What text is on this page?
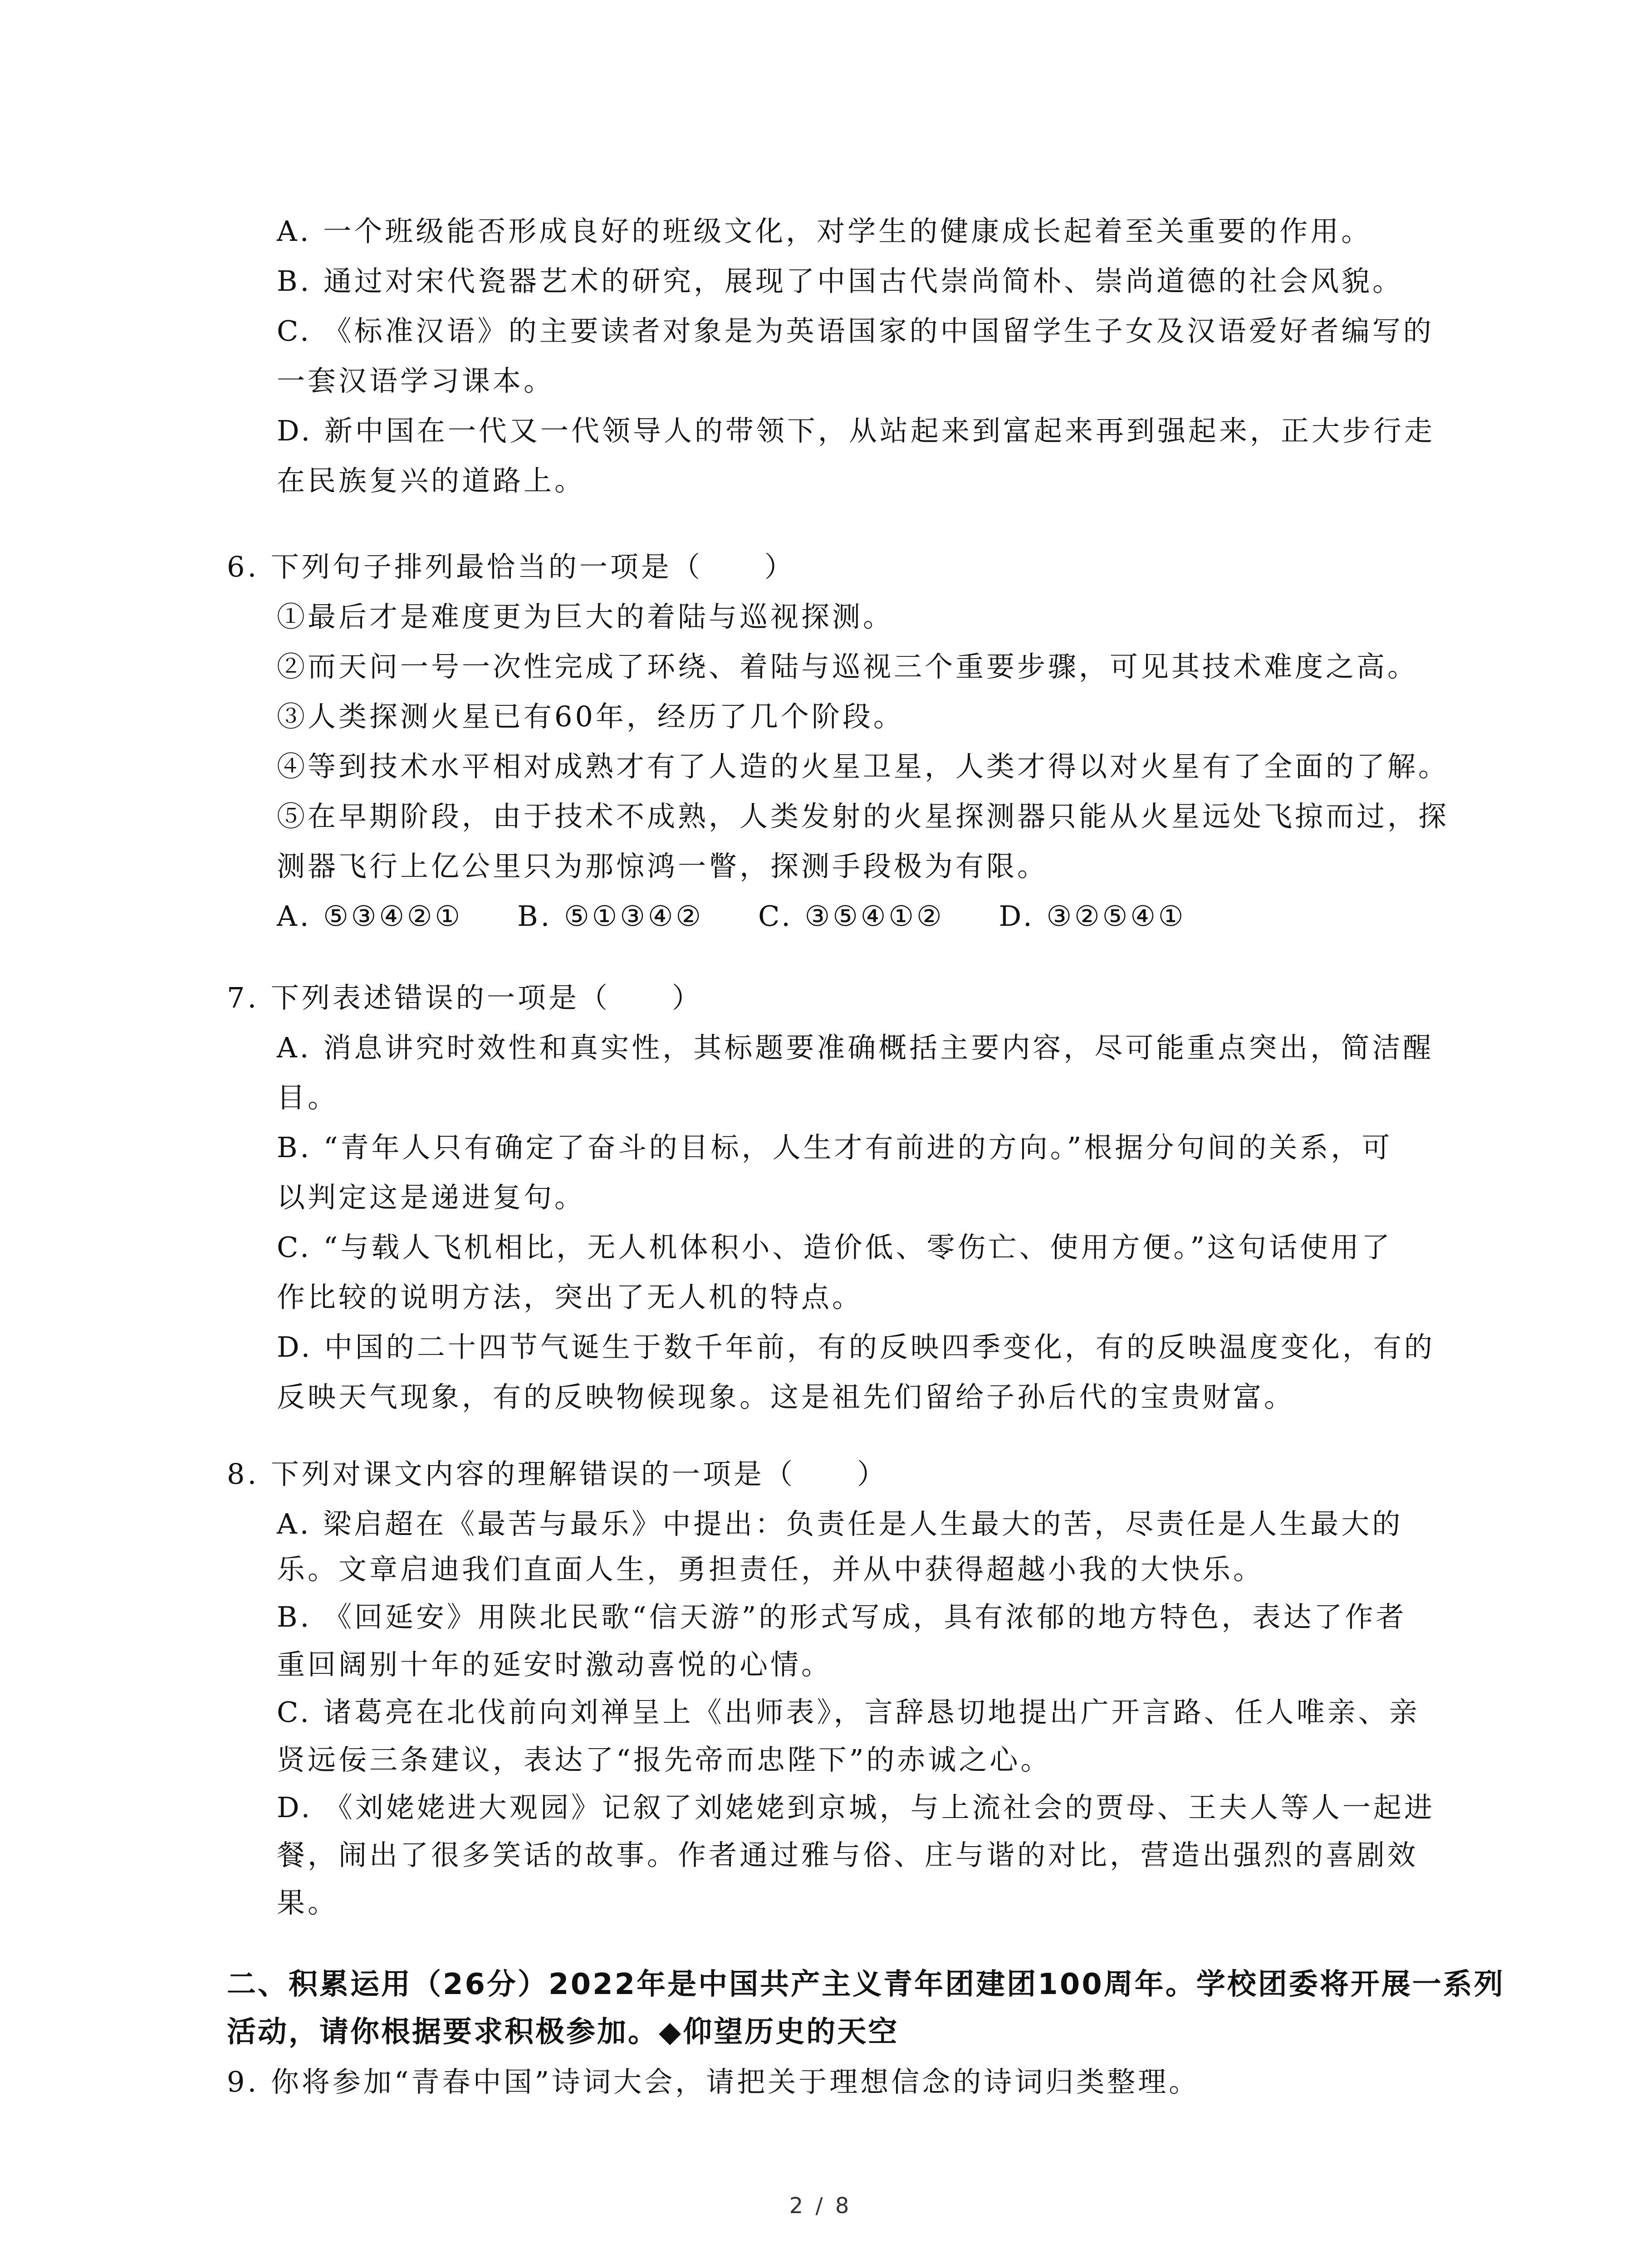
A. 一个班级能否形成良好的班级文化，对学生的健康成长起着至关重要的作用。
B. 通过对宋代瓷器艺术的研究，展现了中国古代崇尚简朴、崇尚道德的社会风貌。
C. 《标准汉语》的主要读者对象是为英语国家的中国留学生子女及汉语爱好者编写的
一套汉语学习课本。
D. 新中国在一代又一代领导人的带领下，从站起来到富起来再到强起来，正大步行走
在民族复兴的道路上。
6. 下列句子排列最恰当的一项是（　　）
①最后才是难度更为巨大的着陆与巡视探测。
②而天问一号一次性完成了环绕、着陆与巡视三个重要步骤，可见其技术难度之高。
③人类探测火星已有60年，经历了几个阶段。
④等到技术水平相对成熟才有了人造的火星卫星，人类才得以对火星有了全面的了解。
⑤在早期阶段，由于技术不成熟，人类发射的火星探测器只能从火星远处飞掠而过，探
测器飞行上亿公里只为那惊鸿一瞥，探测手段极为有限。
A. ⑤③④②① B. ⑤①③④② C. ③⑤④①② D. ③②⑤④①
7. 下列表述错误的一项是（　　）
A. 消息讲究时效性和真实性，其标题要准确概括主要内容，尽可能重点突出，简洁醒
目。
B. “青年人只有确定了奋斗的目标，人生才有前进的方向。”根据分句间的关系，可
以判定这是递进复句。
C. “与载人飞机相比，无人机体积小、造价低、零伤亡、使用方便。”这句话使用了
作比较的说明方法，突出了无人机的特点。
D. 中国的二十四节气诞生于数千年前，有的反映四季变化，有的反映温度变化，有的
反映天气现象，有的反映物候现象。这是祖先们留给子孙后代的宝贵财富。
8. 下列对课文内容的理解错误的一项是（　　）
A. 梁启超在《最苦与最乐》中提出：负责任是人生最大的苦，尽责任是人生最大的
乐。文章启迪我们直面人生，勇担责任，并从中获得超越小我的大快乐。
B. 《回延安》用陕北民歌“信天游”的形式写成，具有浓郁的地方特色，表达了作者
重回阔别十年的延安时激动喜悦的心情。
C. 诸葛亮在北伐前向刘禅呈上《出师表》，言辞恳切地提出广开言路、任人唯亲、亲
贤远佞三条建议，表达了“报先帝而忠陛下”的赤诚之心。
D. 《刘姥姥进大观园》记叙了刘姥姥到京城，与上流社会的贾母、王夫人等人一起进
餐，闹出了很多笑话的故事。作者通过雅与俗、庄与谐的对比，营造出强烈的喜剧效
果。
二、积累运用（26分）2022年是中国共产主义青年团建团100周年。学校团委将开展一系列
活动，请你根据要求积极参加。◆仰望历史的天空
9. 你将参加“青春中国”诗词大会，请把关于理想信念的诗词归类整理。
2 / 8
